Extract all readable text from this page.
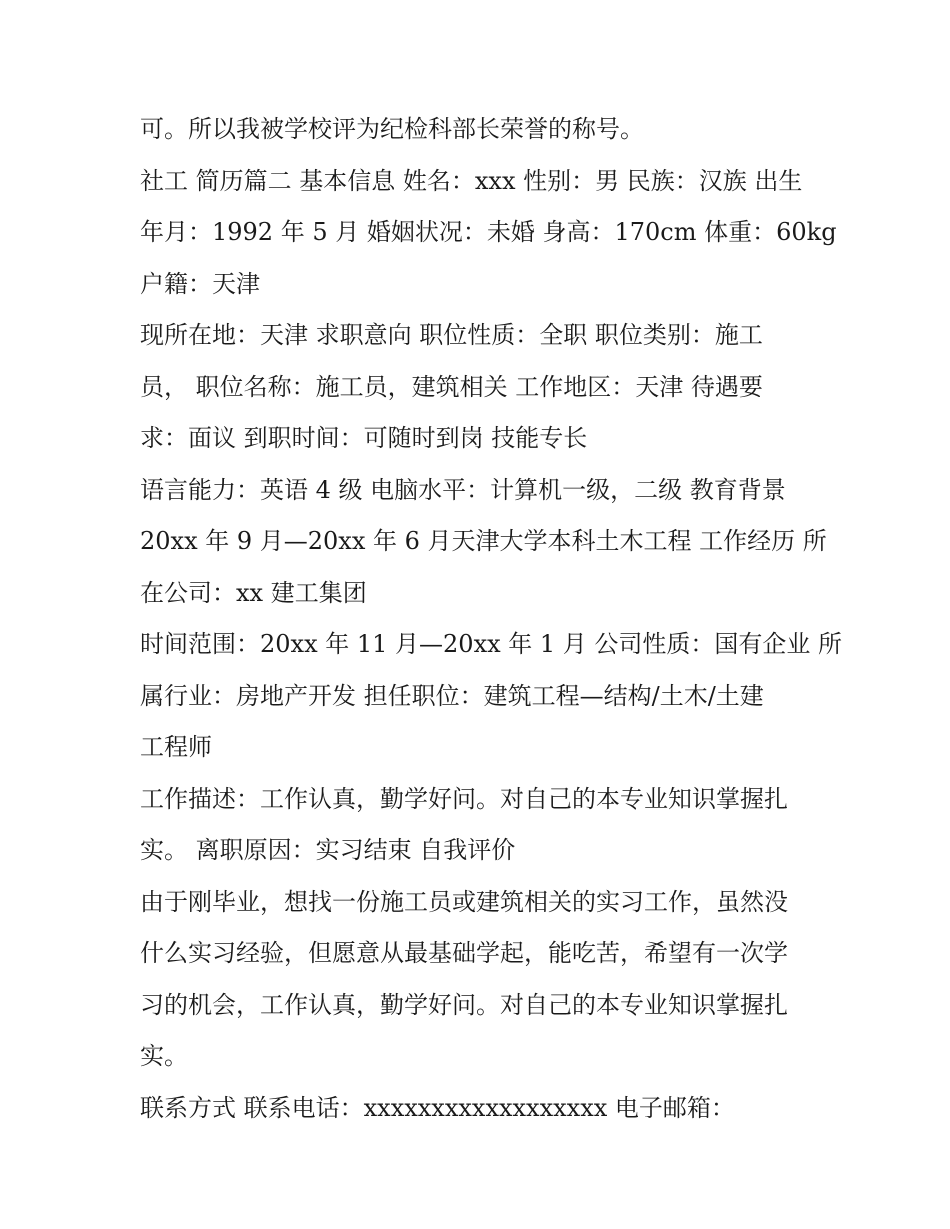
可。所以我被学校评为纪检科部长荣誉的称号。
社工 简历篇二 基本信息 姓名：xxx 性别：男 民族：汉族 出生
年月：1992 年 5 月 婚姻状况：未婚 身高：170cm 体重：60kg
户籍：天津
现所在地：天津 求职意向 职位性质：全职 职位类别：施工
员， 职位名称：施工员，建筑相关 工作地区：天津 待遇要
求：面议 到职时间：可随时到岗 技能专长
语言能力：英语 4 级 电脑水平：计算机一级，二级 教育背景
20xx 年 9 月—20xx 年 6 月天津大学本科土木工程 工作经历 所
在公司：xx 建工集团
时间范围：20xx 年 11 月—20xx 年 1 月 公司性质：国有企业 所
属行业：房地产开发 担任职位：建筑工程—结构/土木/土建
工程师
工作描述：工作认真，勤学好问。对自己的本专业知识掌握扎
实。 离职原因：实习结束 自我评价
由于刚毕业，想找一份施工员或建筑相关的实习工作，虽然没
什么实习经验，但愿意从最基础学起，能吃苦，希望有一次学
习的机会，工作认真，勤学好问。对自己的本专业知识掌握扎
实。
联系方式 联系电话：xxxxxxxxxxxxxxxxxx 电子邮箱：
